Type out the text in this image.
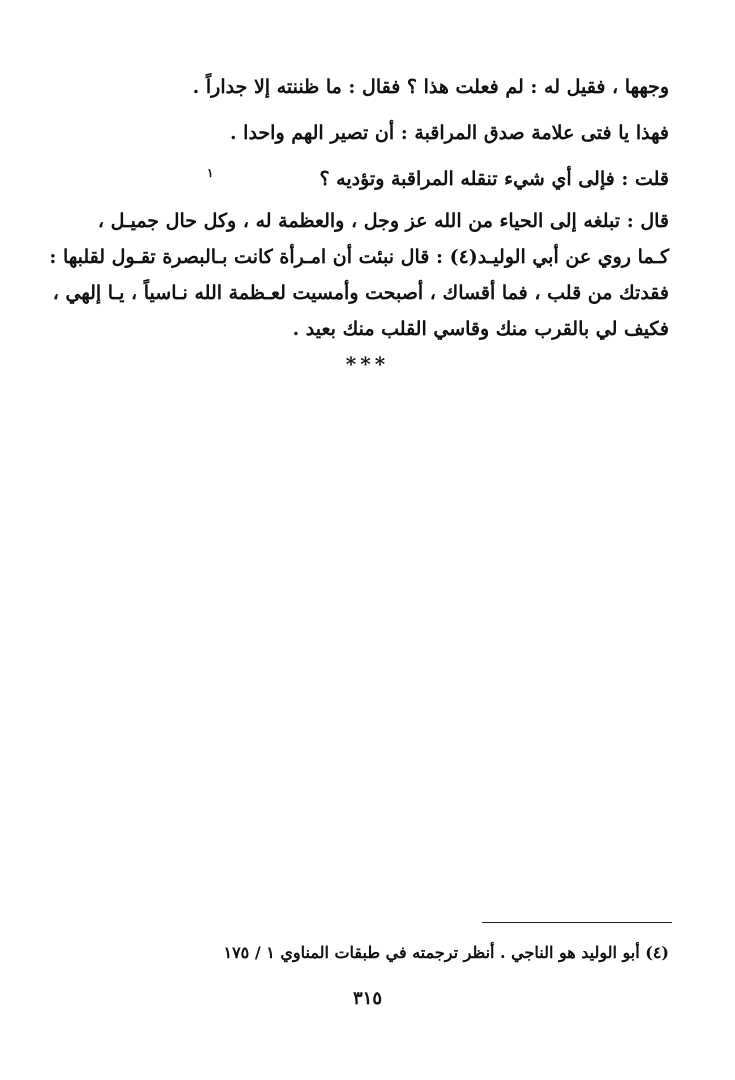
وجهها ، فقيل له : لم فعلت هذا ؟ فقال : ما ظننته إلا جداراً .
فهذا يا فتى علامة صدق المراقبة : أن تصير الهم واحدا .
قلت : فإلى أي شيء تنقله المراقبة وتؤديه ؟
١
قال : تبلغه إلى الحياء من الله عز وجل ، والعظمة له ، وكل حال جميـل ،
كـما روي عن أبي الوليـد(٤) : قال نبئت أن امـرأة كانت بـالبصرة تقـول لقلبها :
فقدتك من قلب ، فما أقساك ، أصبحت وأمسيت لعـظمة الله نـاسياً ، يـا إلهي ،
فكيف لي بالقرب منك وقاسي القلب منك بعيد .
***
(٤) أبو الوليد هو الناجي . أنظر ترجمته في طبقات المناوي ١ / ١٧٥
٣١٥
